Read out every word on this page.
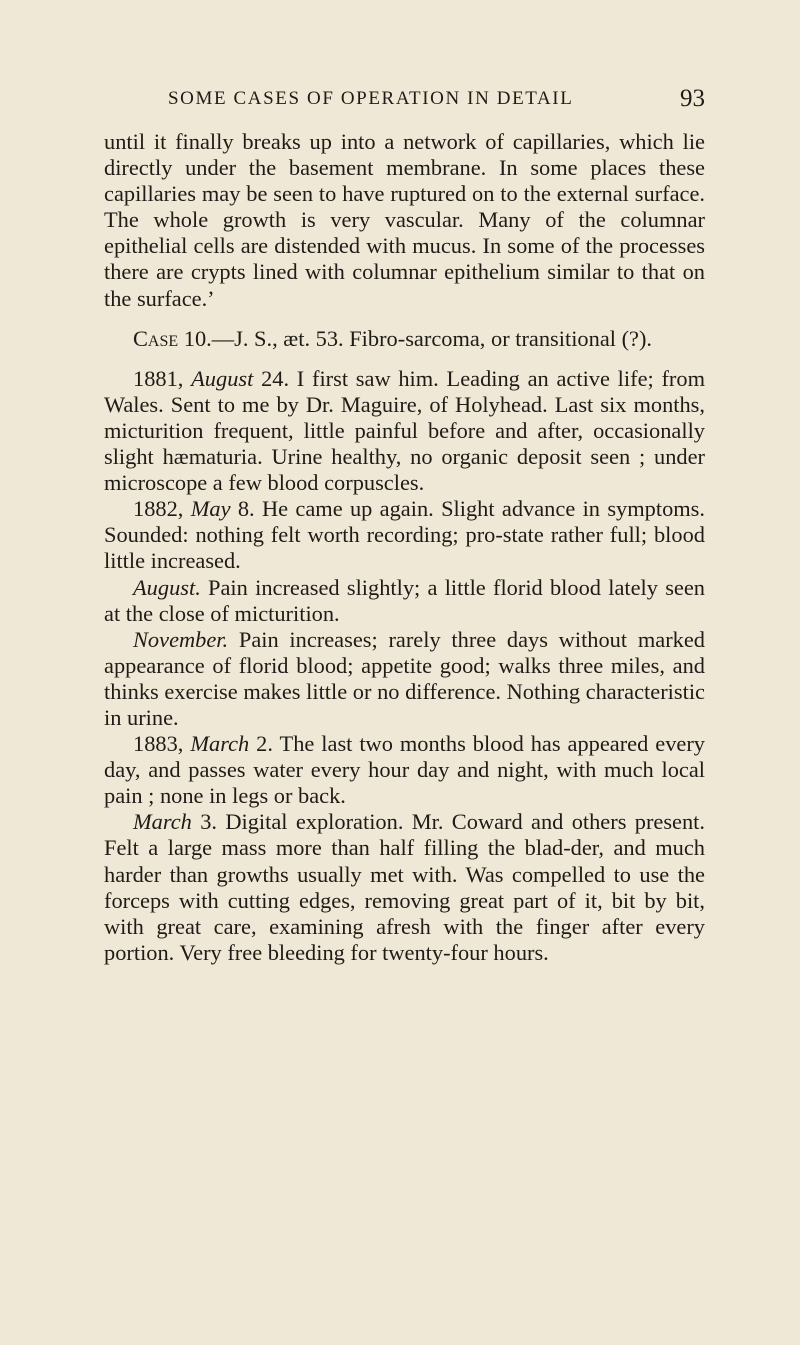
SOME CASES OF OPERATION IN DETAIL	93

until it finally breaks up into a network of capillaries, which lie directly under the basement membrane. In some places these capillaries may be seen to have ruptured on to the external surface. The whole growth is very vascular. Many of the columnar epithelial cells are distended with mucus. In some of the processes there are crypts lined with columnar epithelium similar to that on the surface.’

Case 10.—J. S., æt. 53. Fibro-sarcoma, or transitional (?).

1881, August 24. I first saw him. Leading an active life; from Wales. Sent to me by Dr. Maguire, of Holyhead. Last six months, micturition frequent, little painful before and after, occasionally slight hæmaturia. Urine healthy, no organic deposit seen ; under microscope a few blood corpuscles.

1882, May 8. He came up again. Slight advance in symptoms. Sounded: nothing felt worth recording; pro-state rather full; blood little increased.

August. Pain increased slightly; a little florid blood lately seen at the close of micturition.

November. Pain increases; rarely three days without marked appearance of florid blood; appetite good; walks three miles, and thinks exercise makes little or no difference. Nothing characteristic in urine.

1883, March 2. The last two months blood has appeared every day, and passes water every hour day and night, with much local pain ; none in legs or back.

March 3. Digital exploration. Mr. Coward and others present. Felt a large mass more than half filling the blad-der, and much harder than growths usually met with. Was compelled to use the forceps with cutting edges, removing great part of it, bit by bit, with great care, examining afresh with the finger after every portion. Very free bleeding for twenty-four hours.
